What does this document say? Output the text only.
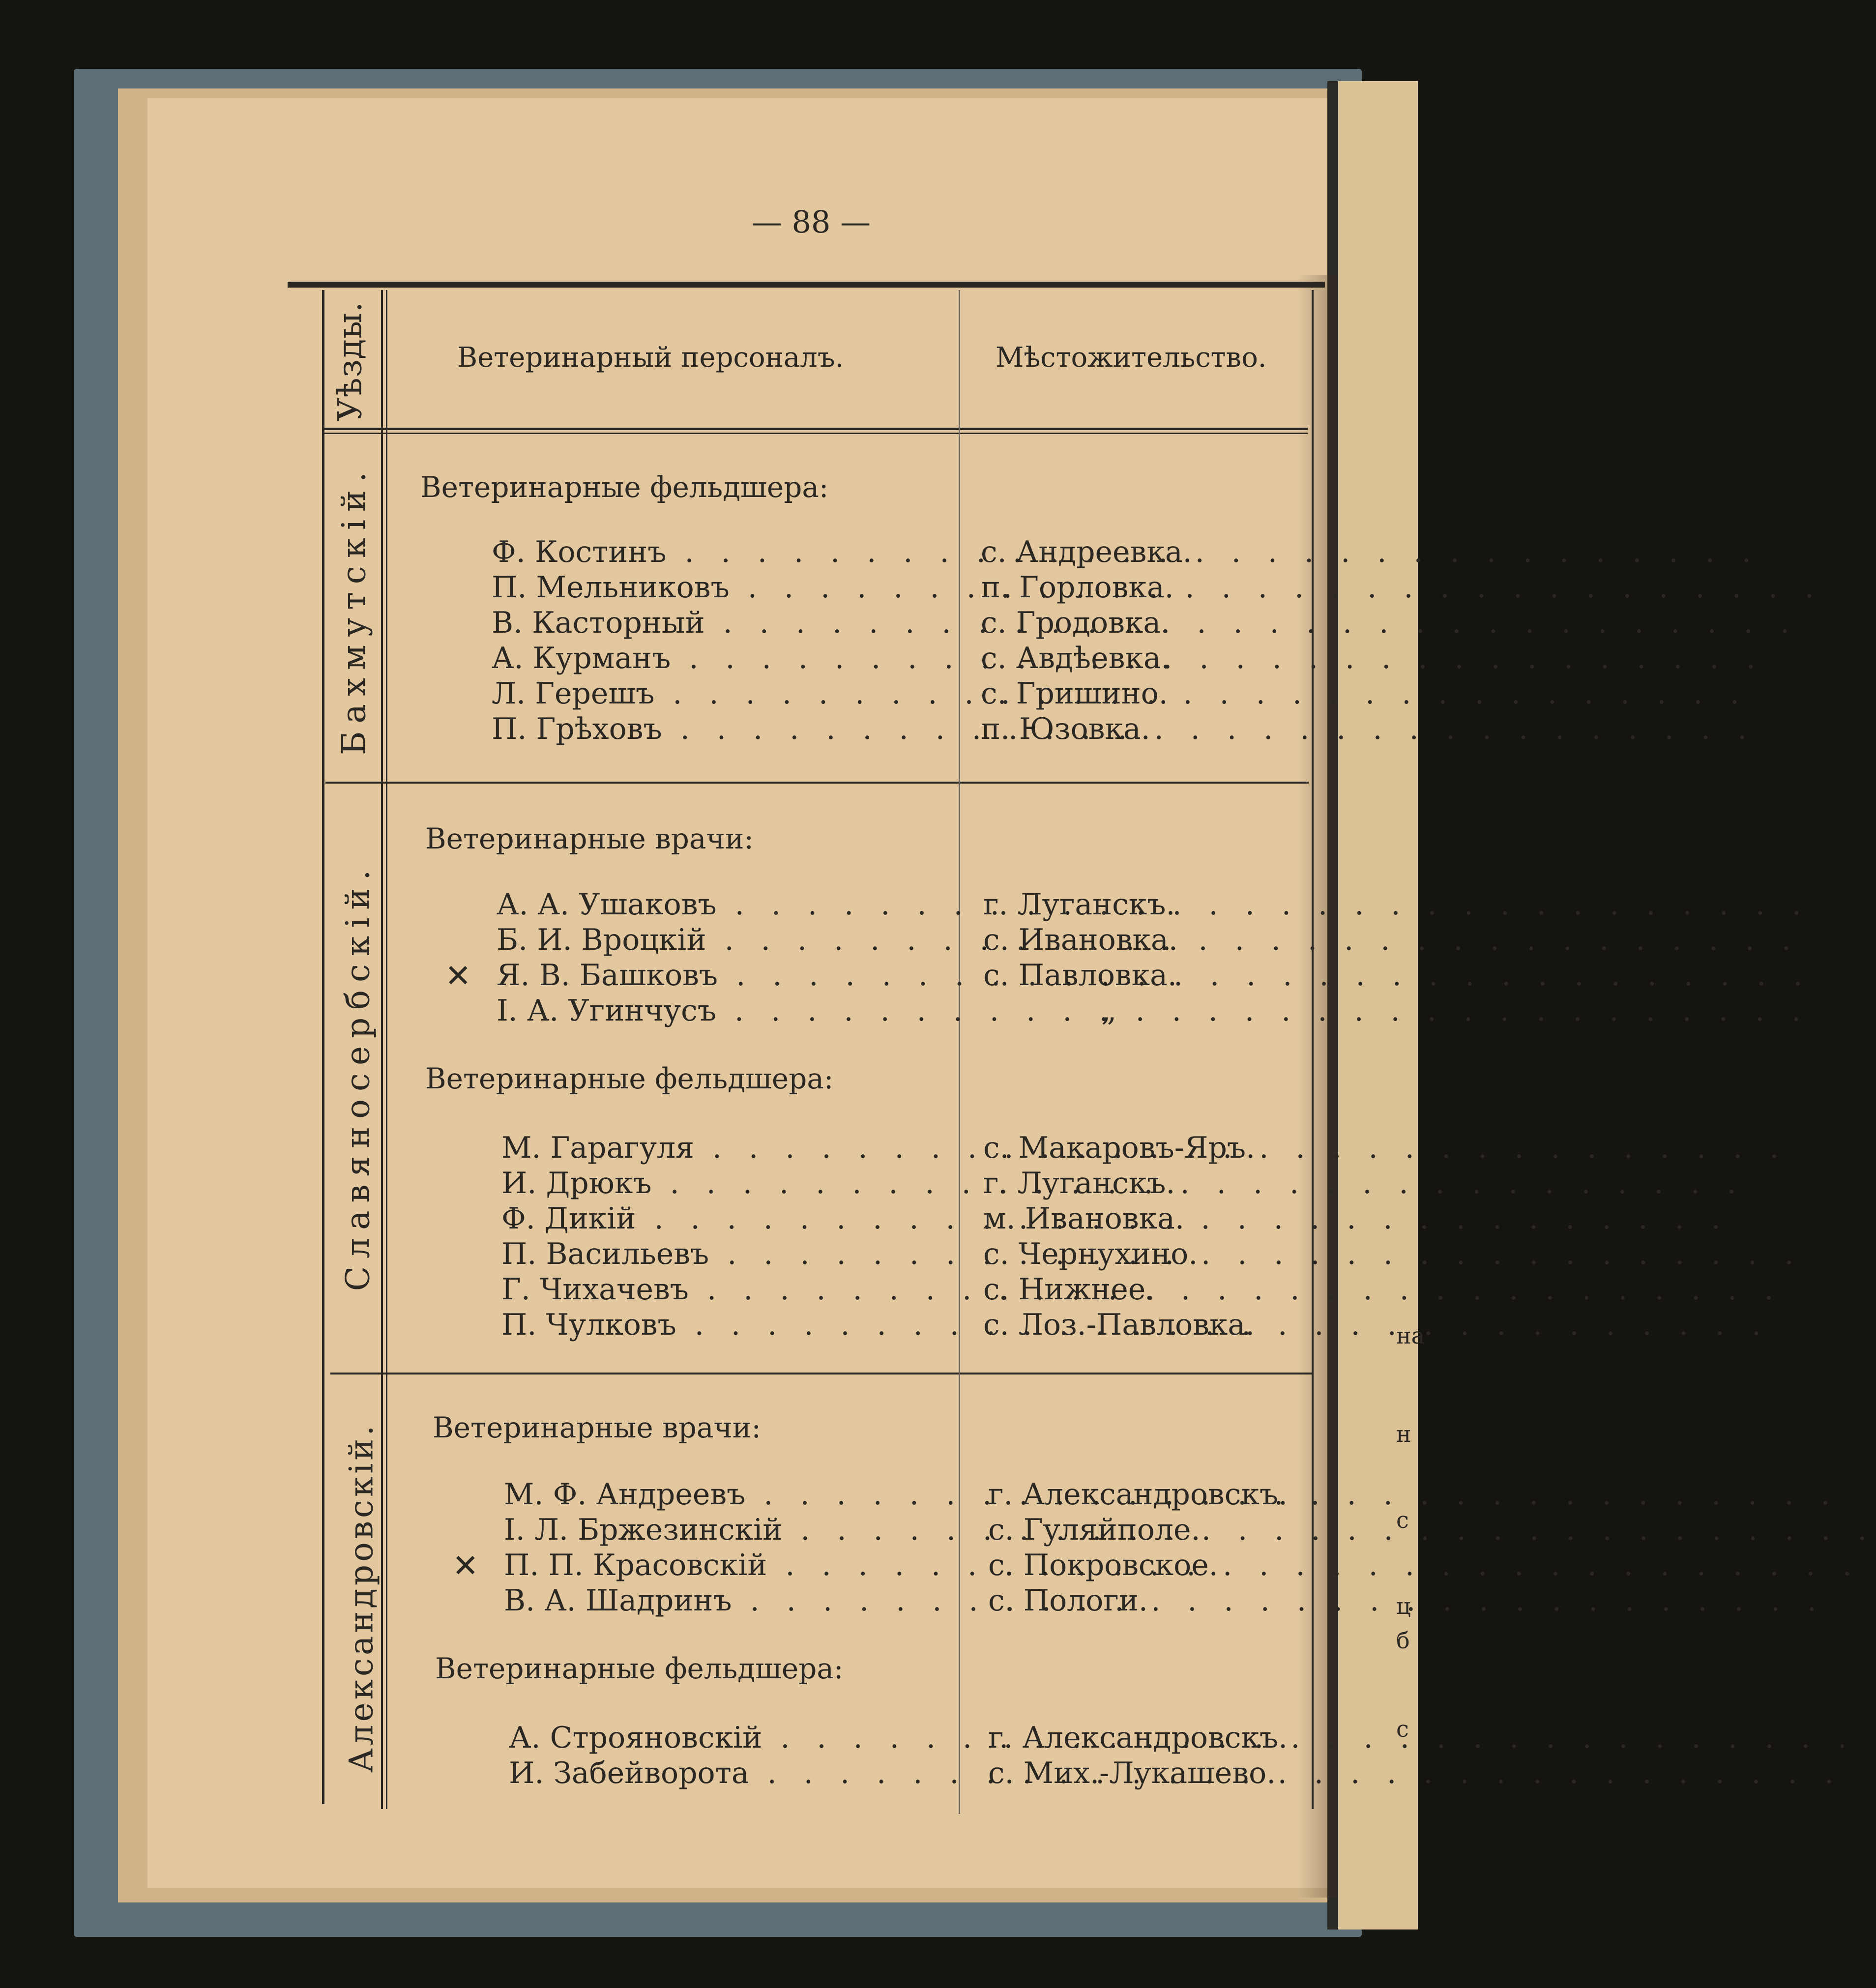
— 88 —
Уѣзды.	Ветеринарный персоналъ.	Мѣстожительство.
Бахмутскій. Ветеринарные фельдшера:
Ф. Костинъ . . .	с. Андреевка.
П. Мельниковъ . . .	п. Горловка.
В. Касторный . . .	с. Гродовка.
А. Курманъ . . .	с. Авдѣевка.
Л. Герешъ . . .	с. Гришино.
П. Грѣховъ . . .	п. Юзовка.
Славяносербскій.
Ветеринарные врачи:
А. А. Ушаковъ . . .	г. Луганскъ.
Б. И. Вроцкій . . .	с. Ивановка.
✕ Я. В. Башковъ . . .	с. Павловка.
І. А. Угинчусъ . . .	„
Ветеринарные фельдшера:
М. Гарагуля . . .	с. Макаровъ-Яръ.
И. Дрюкъ . . .	г. Луганскъ.
Ф. Дикій . . .	м. Ивановка.
П. Васильевъ . . .	с. Чернухино.
Г. Чихачевъ . . .	с. Нижнее.
П. Чулковъ . . .	с. Лоз.-Павловка.
Александровскій. Ветеринарные врачи:
М. Ф. Андреевъ . . .	г. Александровскъ.
І. Л. Бржезинскій . . .	с. Гуляйполе.
✕ П. П. Красовскій . . .	с. Покровское.
В. А. Шадринъ . . .	с. Пологи.
Ветеринарные фельдшера:
А. Строяновскій . . .	г. Александровскъ.
И. Забейворота . . .	с. Мих.-Лукашево.
на
н
с
ц
б
с
